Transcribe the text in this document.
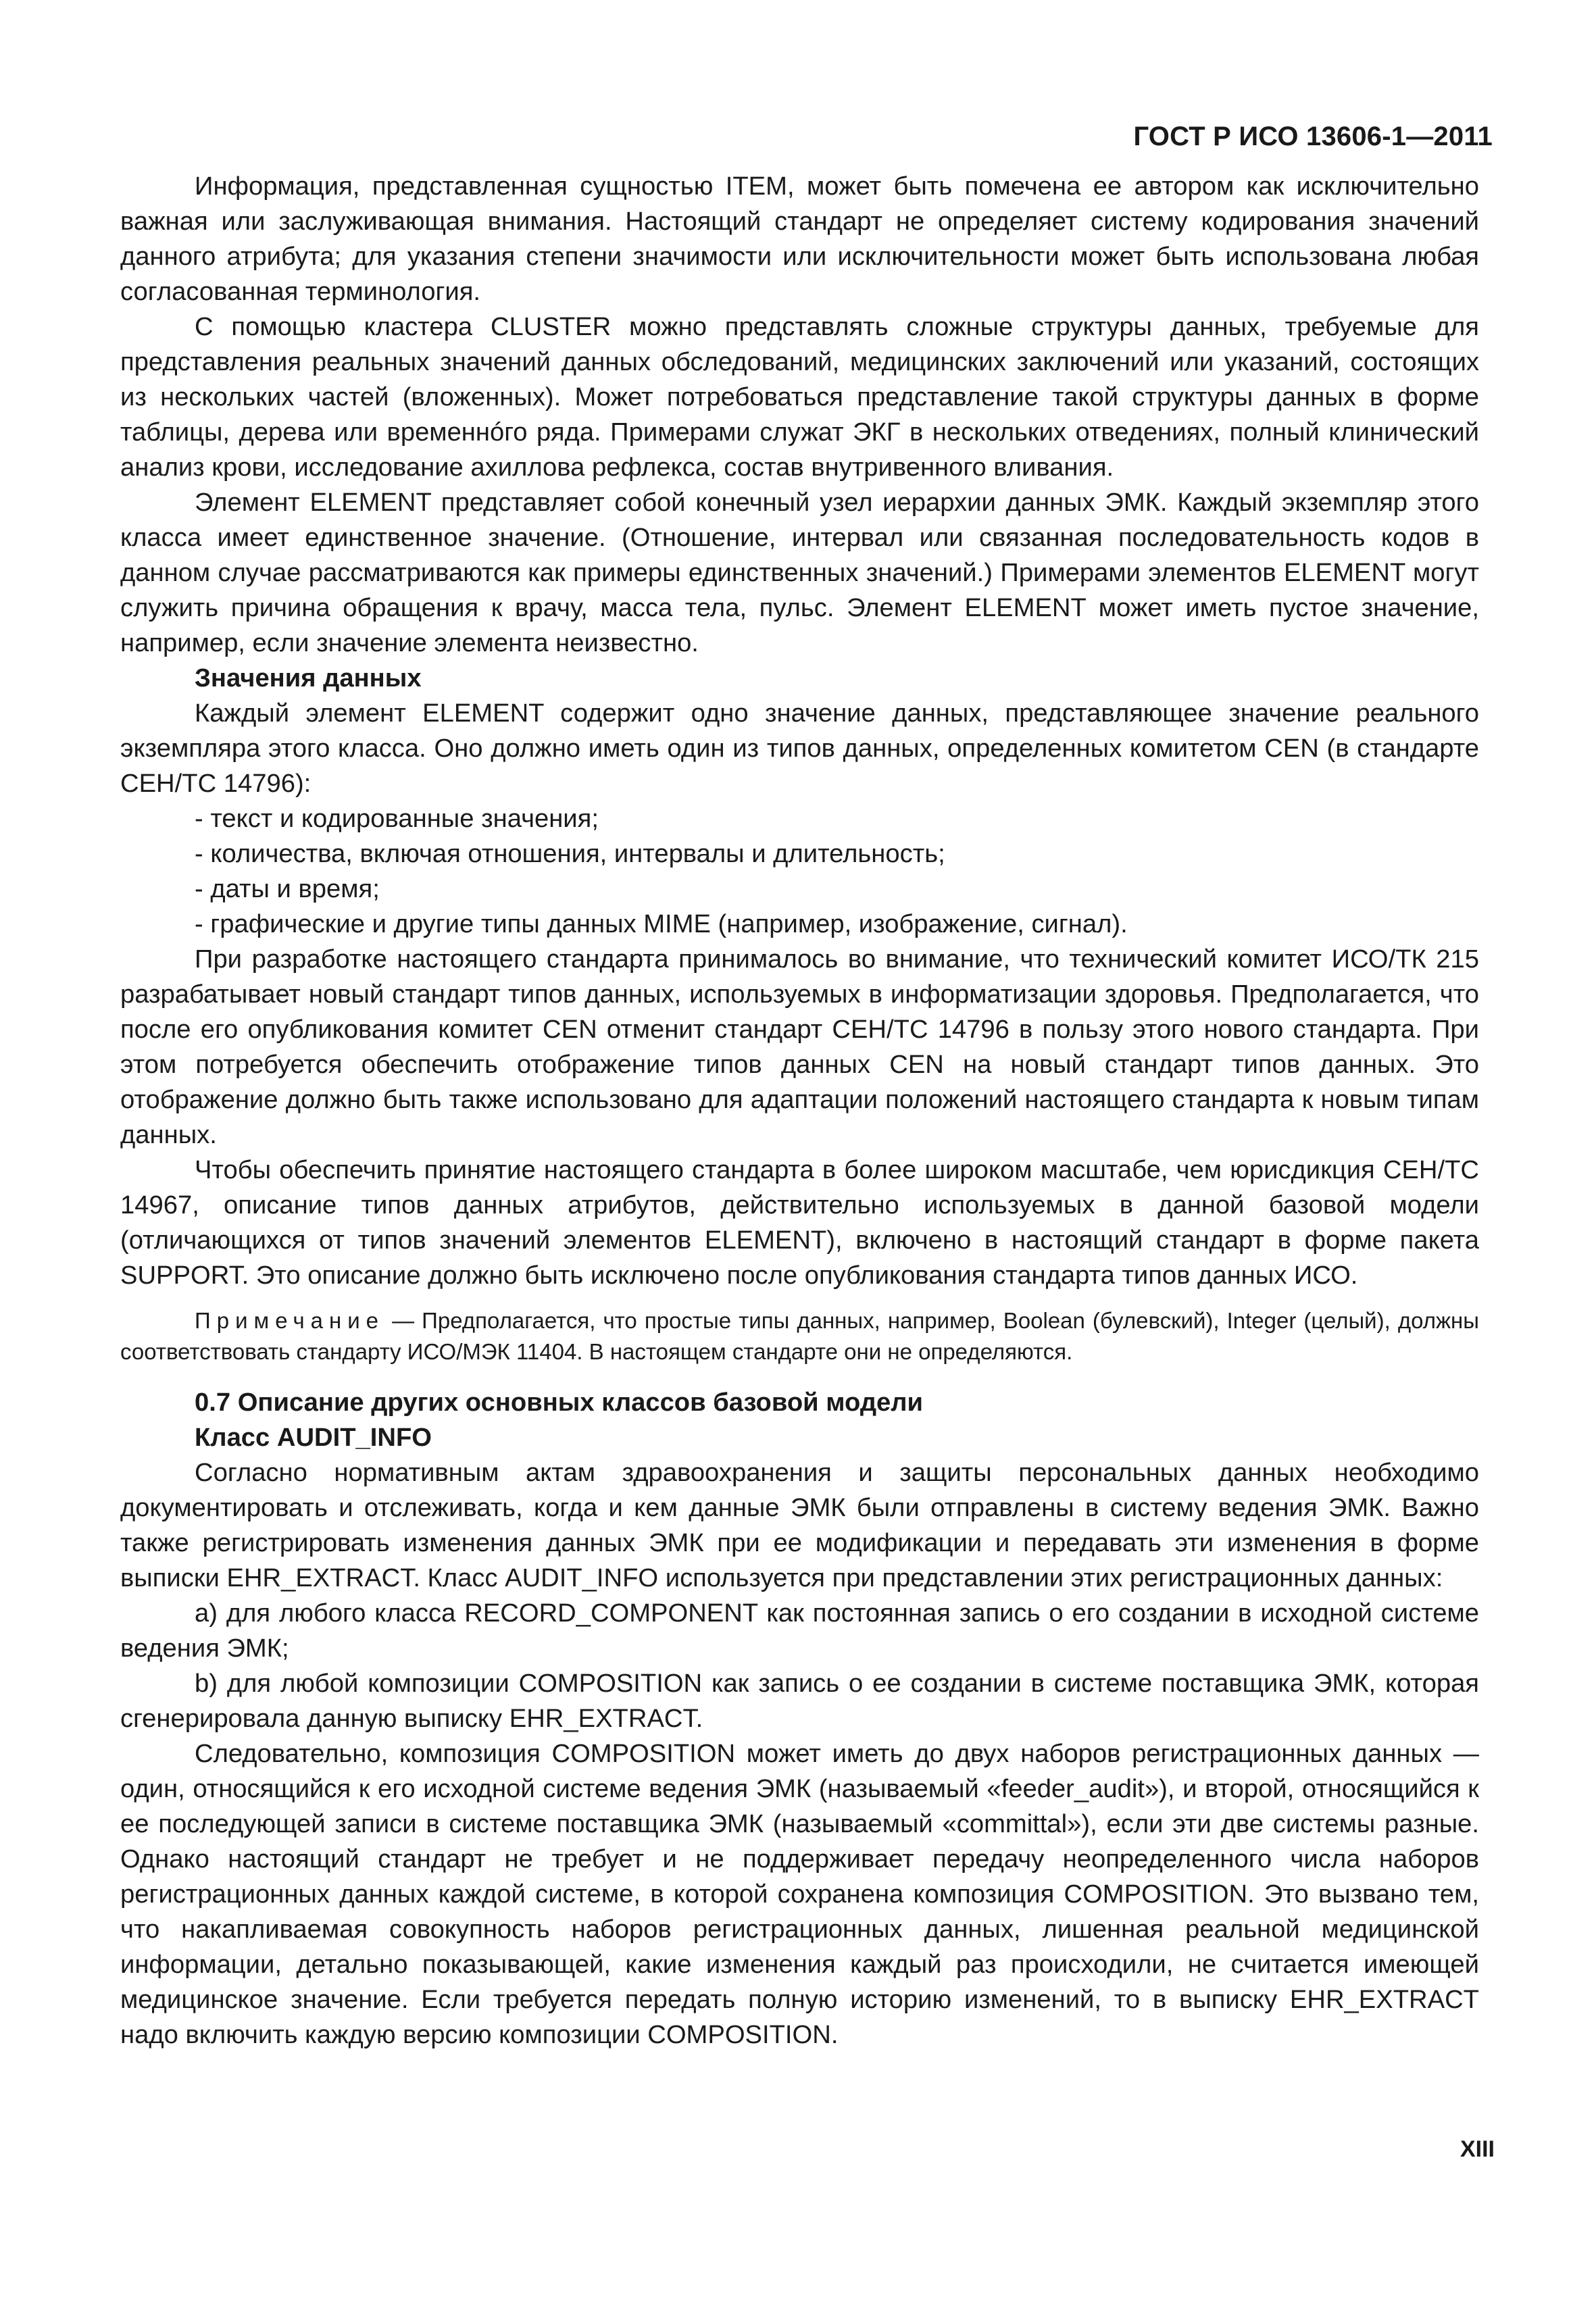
ГОСТ Р ИСО 13606-1—2011

Информация, представленная сущностью ITEM, может быть помечена ее автором как исключительно важная или заслуживающая внимания. Настоящий стандарт не определяет систему кодирования значений данного атрибута; для указания степени значимости или исключительности может быть использована любая согласованная терминология.

С помощью кластера CLUSTER можно представлять сложные структуры данных, требуемые для представления реальных значений данных обследований, медицинских заключений или указаний, состоящих из нескольких частей (вложенных). Может потребоваться представление такой структуры данных в форме таблицы, дерева или временнóго ряда. Примерами служат ЭКГ в нескольких отведениях, полный клинический анализ крови, исследование ахиллова рефлекса, состав внутривенного вливания.

Элемент ELEMENT представляет собой конечный узел иерархии данных ЭМК. Каждый экземпляр этого класса имеет единственное значение. (Отношение, интервал или связанная последовательность кодов в данном случае рассматриваются как примеры единственных значений.) Примерами элементов ELEMENT могут служить причина обращения к врачу, масса тела, пульс. Элемент ELEMENT может иметь пустое значение, например, если значение элемента неизвестно.

Значения данных

Каждый элемент ELEMENT содержит одно значение данных, представляющее значение реального экземпляра этого класса. Оно должно иметь один из типов данных, определенных комитетом CEN (в стандарте СЕН/ТС 14796):

- текст и кодированные значения;
- количества, включая отношения, интервалы и длительность;
- даты и время;
- графические и другие типы данных MIME (например, изображение, сигнал).

При разработке настоящего стандарта принималось во внимание, что технический комитет ИСО/ТК 215 разрабатывает новый стандарт типов данных, используемых в информатизации здоровья. Предполагается, что после его опубликования комитет CEN отменит стандарт СЕН/ТС 14796 в пользу этого нового стандарта. При этом потребуется обеспечить отображение типов данных CEN на новый стандарт типов данных. Это отображение должно быть также использовано для адаптации положений настоящего стандарта к новым типам данных.

Чтобы обеспечить принятие настоящего стандарта в более широком масштабе, чем юрисдикция СЕН/ТС 14967, описание типов данных атрибутов, действительно используемых в данной базовой модели (отличающихся от типов значений элементов ELEMENT), включено в настоящий стандарт в форме пакета SUPPORT. Это описание должно быть исключено после опубликования стандарта типов данных ИСО.

Примечание — Предполагается, что простые типы данных, например, Boolean (булевский), Integer (целый), должны соответствовать стандарту ИСО/МЭК 11404. В настоящем стандарте они не определяются.
0.7 Описание других основных классов базовой модели
Класс AUDIT_INFO

Согласно нормативным актам здравоохранения и защиты персональных данных необходимо документировать и отслеживать, когда и кем данные ЭМК были отправлены в систему ведения ЭМК. Важно также регистрировать изменения данных ЭМК при ее модификации и передавать эти изменения в форме выписки EHR_EXTRACT. Класс AUDIT_INFO используется при представлении этих регистрационных данных:

a) для любого класса RECORD_COMPONENT как постоянная запись о его создании в исходной системе ведения ЭМК;

b) для любой композиции COMPOSITION как запись о ее создании в системе поставщика ЭМК, которая сгенерировала данную выписку EHR_EXTRACT.

Следовательно, композиция COMPOSITION может иметь до двух наборов регистрационных данных — один, относящийся к его исходной системе ведения ЭМК (называемый «feeder_audit»), и второй, относящийся к ее последующей записи в системе поставщика ЭМК (называемый «committal»), если эти две системы разные. Однако настоящий стандарт не требует и не поддерживает передачу неопределенного числа наборов регистрационных данных каждой системе, в которой сохранена композиция COMPOSITION. Это вызвано тем, что накапливаемая совокупность наборов регистрационных данных, лишенная реальной медицинской информации, детально показывающей, какие изменения каждый раз происходили, не считается имеющей медицинское значение. Если требуется передать полную историю изменений, то в выписку EHR_EXTRACT надо включить каждую версию композиции COMPOSITION.

XIII
